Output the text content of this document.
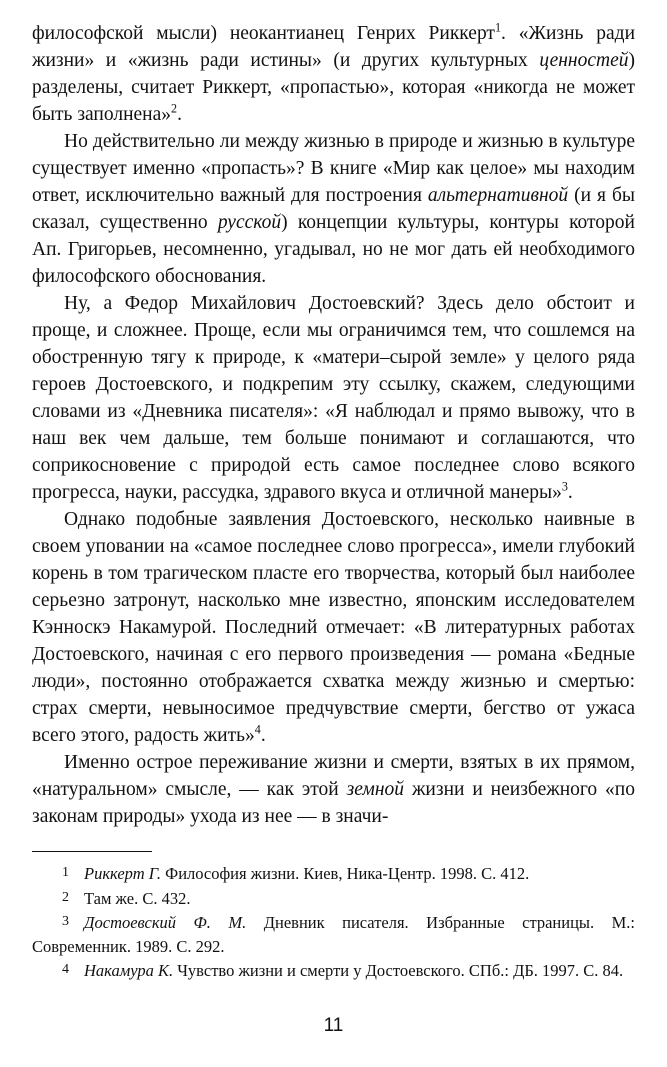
философской мысли) неокантианец Генрих Риккерт$^1$. «Жизнь ради жизни» и «жизнь ради истины» (и других культурных ценностей) разделены, считает Риккерт, «пропастью», которая «никогда не может быть заполнена»$^2$.

Но действительно ли между жизнью в природе и жизнью в культуре существует именно «пропасть»? В книге «Мир как целое» мы находим ответ, исключительно важный для построения альтернативной (и я бы сказал, существенно русской) концепции культуры, контуры которой Ап. Григорьев, несомненно, угадывал, но не мог дать ей необходимого философского обоснования.

Ну, а Федор Михайлович Достоевский? Здесь дело обстоит и проще, и сложнее. Проще, если мы ограничимся тем, что сошлемся на обостренную тягу к природе, к «матери–сырой земле» у целого ряда героев Достоевского, и подкрепим эту ссылку, скажем, следующими словами из «Дневника писателя»: «Я наблюдал и прямо вывожу, что в наш век чем дальше, тем больше понимают и соглашаются, что соприкосновение с природой есть самое последнее слово всякого прогресса, науки, рассудка, здравого вкуса и отличной манеры»$^3$.

Однако подобные заявления Достоевского, несколько наивные в своем уповании на «самое последнее слово прогресса», имели глубокий корень в том трагическом пласте его творчества, который был наиболее серьезно затронут, насколько мне известно, японским исследователем Кэнноскэ Накамурой. Последний отмечает: «В литературных работах Достоевского, начиная с его первого произведения — романа «Бедные люди», постоянно отображается схватка между жизнью и смертью: страх смерти, невыносимое предчувствие смерти, бегство от ужаса всего этого, радость жить»$^4$.

Именно острое переживание жизни и смерти, взятых в их прямом, «натуральном» смысле, — как этой земной жизни и неизбежного «по законам природы» ухода из нее — в значи-

1 Риккерт Г. Философия жизни. Киев, Ника-Центр. 1998. С. 412.

2 Там же. С. 432.

3 Достоевский Ф. М. Дневник писателя. Избранные страницы. М.: Современник. 1989. С. 292.

4 Накамура К. Чувство жизни и смерти у Достоевского. СПб.: ДБ. 1997. С. 84.

11
